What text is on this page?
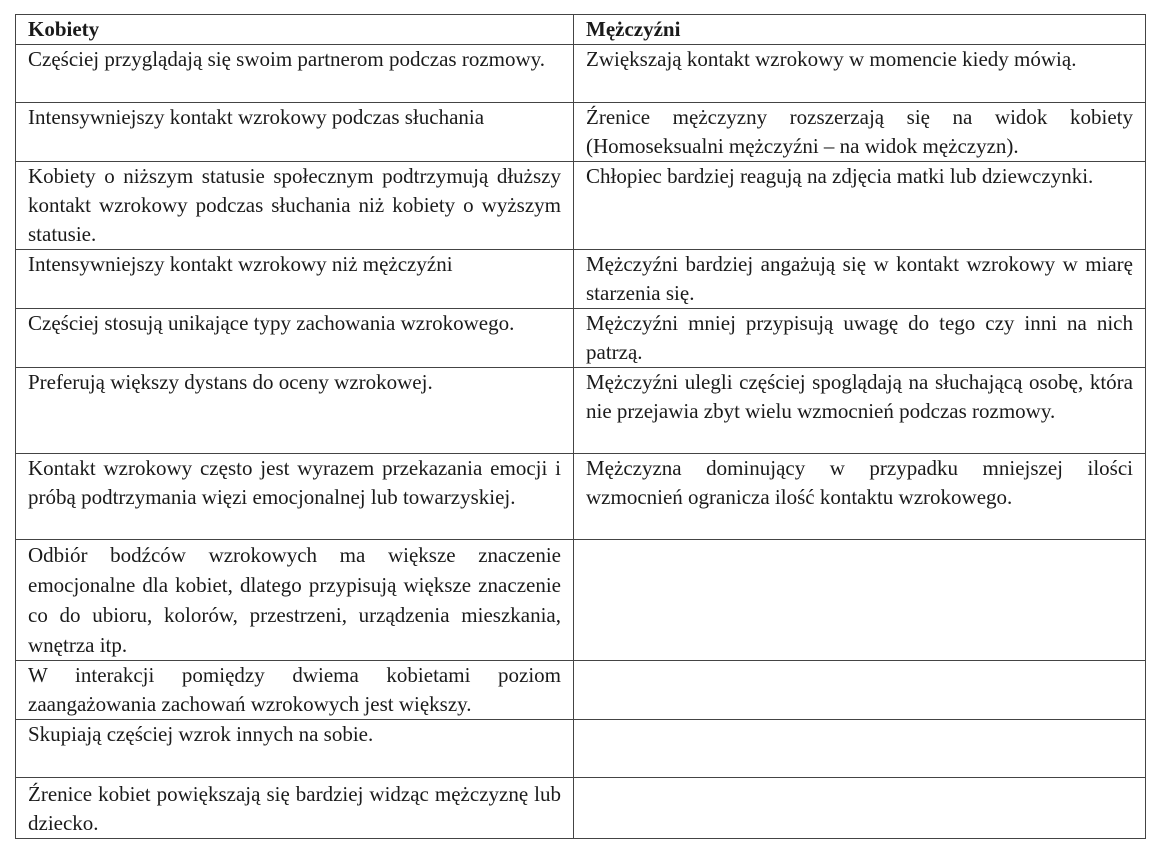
Kobiety	Mężczyźni
Częściej przyglądają się swoim partnerom podczas rozmowy.	Zwiększają kontakt wzrokowy w momencie kiedy mówią.
Intensywniejszy kontakt wzrokowy podczas słuchania	Źrenice mężczyzny rozszerzają się na widok kobiety (Homoseksualni mężczyźni – na widok mężczyzn).
Kobiety o niższym statusie społecznym podtrzymują dłuższy kontakt wzrokowy podczas słuchania niż kobiety o wyższym statusie.	Chłopiec bardziej reagują na zdjęcia matki lub dziewczynki.
Intensywniejszy kontakt wzrokowy niż mężczyźni	Mężczyźni bardziej angażują się w kontakt wzrokowy w miarę starzenia się.
Częściej stosują unikające typy zachowania wzrokowego.	Mężczyźni mniej przypisują uwagę do tego czy inni na nich patrzą.
Preferują większy dystans do oceny wzrokowej.	Mężczyźni ulegli częściej spoglądają na słuchającą osobę, która nie przejawia zbyt wielu wzmocnień podczas rozmowy.
Kontakt wzrokowy często jest wyrazem przekazania emocji i próbą podtrzymania więzi emocjonalnej lub towarzyskiej.	Mężczyzna dominujący w przypadku mniejszej ilości wzmocnień ogranicza ilość kontaktu wzrokowego.
Odbiór bodźców wzrokowych ma większe znaczenie emocjonalne dla kobiet, dlatego przypisują większe znaczenie co do ubioru, kolorów, przestrzeni, urządzenia mieszkania, wnętrza itp.	
W interakcji pomiędzy dwiema kobietami poziom zaangażowania zachowań wzrokowych jest większy.	
Skupiają częściej wzrok innych na sobie.	
Źrenice kobiet powiększają się bardziej widząc mężczyznę lub dziecko.	
